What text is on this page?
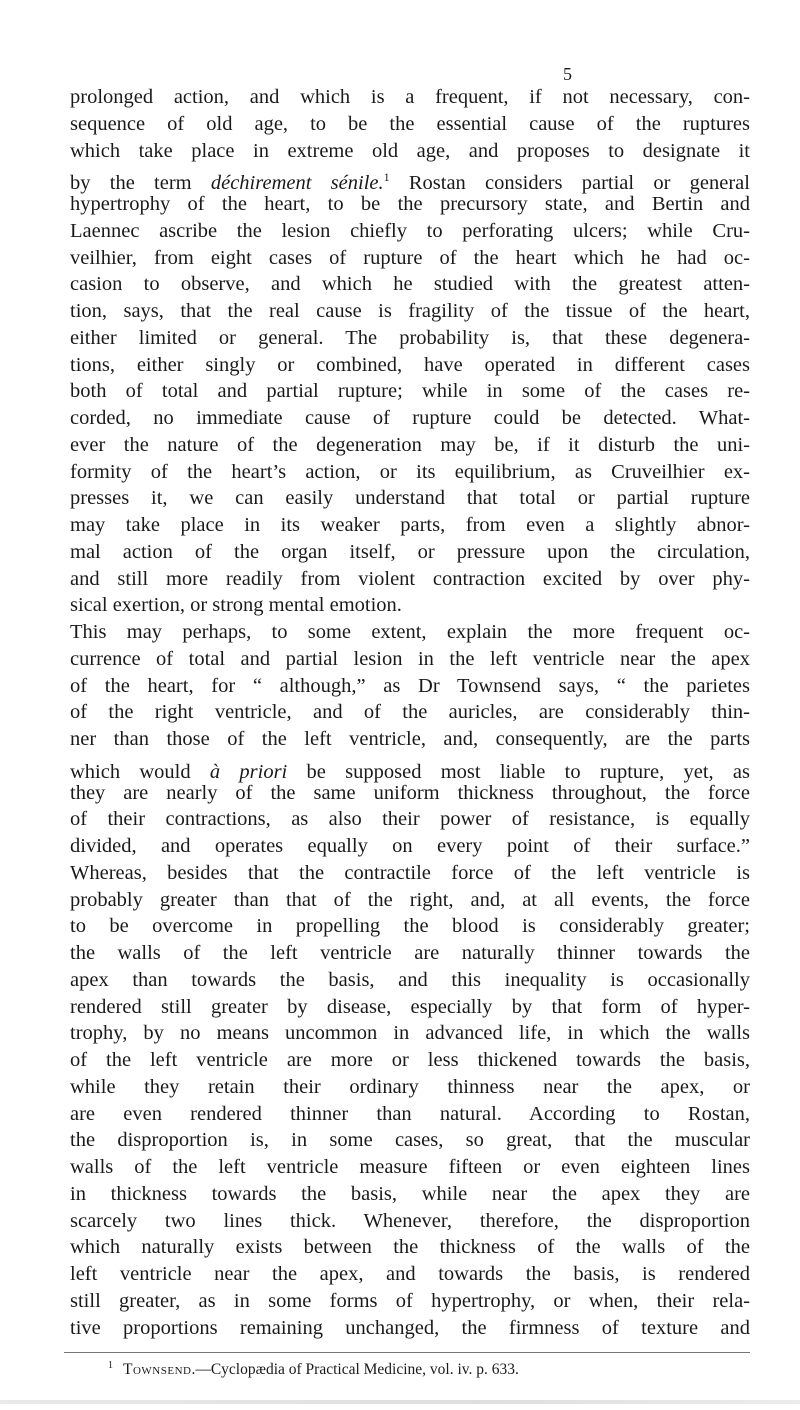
5
prolonged action, and which is a frequent, if not necessary, con-
sequence of old age, to be the essential cause of the ruptures
which take place in extreme old age, and proposes to designate it
by the term déchirement sénile.$^1$ Rostan considers partial or general
hypertrophy of the heart, to be the precursory state, and Bertin and
Laennec ascribe the lesion chiefly to perforating ulcers; while Cru-
veilhier, from eight cases of rupture of the heart which he had oc-
casion to observe, and which he studied with the greatest atten-
tion, says, that the real cause is fragility of the tissue of the heart,
either limited or general. The probability is, that these degenera-
tions, either singly or combined, have operated in different cases
both of total and partial rupture; while in some of the cases re-
corded, no immediate cause of rupture could be detected. What-
ever the nature of the degeneration may be, if it disturb the uni-
formity of the heart’s action, or its equilibrium, as Cruveilhier ex-
presses it, we can easily understand that total or partial rupture
may take place in its weaker parts, from even a slightly abnor-
mal action of the organ itself, or pressure upon the circulation,
and still more readily from violent contraction excited by over phy-
sical exertion, or strong mental emotion.
This may perhaps, to some extent, explain the more frequent oc-
currence of total and partial lesion in the left ventricle near the apex
of the heart, for “ although,” as Dr Townsend says, “ the parietes
of the right ventricle, and of the auricles, are considerably thin-
ner than those of the left ventricle, and, consequently, are the parts
which would à priori be supposed most liable to rupture, yet, as
they are nearly of the same uniform thickness throughout, the force
of their contractions, as also their power of resistance, is equally
divided, and operates equally on every point of their surface.”
Whereas, besides that the contractile force of the left ventricle is
probably greater than that of the right, and, at all events, the force
to be overcome in propelling the blood is considerably greater;
the walls of the left ventricle are naturally thinner towards the
apex than towards the basis, and this inequality is occasionally
rendered still greater by disease, especially by that form of hyper-
trophy, by no means uncommon in advanced life, in which the walls
of the left ventricle are more or less thickened towards the basis,
while they retain their ordinary thinness near the apex, or
are even rendered thinner than natural. According to Rostan,
the disproportion is, in some cases, so great, that the muscular
walls of the left ventricle measure fifteen or even eighteen lines
in thickness towards the basis, while near the apex they are
scarcely two lines thick. Whenever, therefore, the disproportion
which naturally exists between the thickness of the walls of the
left ventricle near the apex, and towards the basis, is rendered
still greater, as in some forms of hypertrophy, or when, their rela-
tive proportions remaining unchanged, the firmness of texture and
$^1$ Townsend.—Cyclopædia of Practical Medicine, vol. iv. p. 633.
